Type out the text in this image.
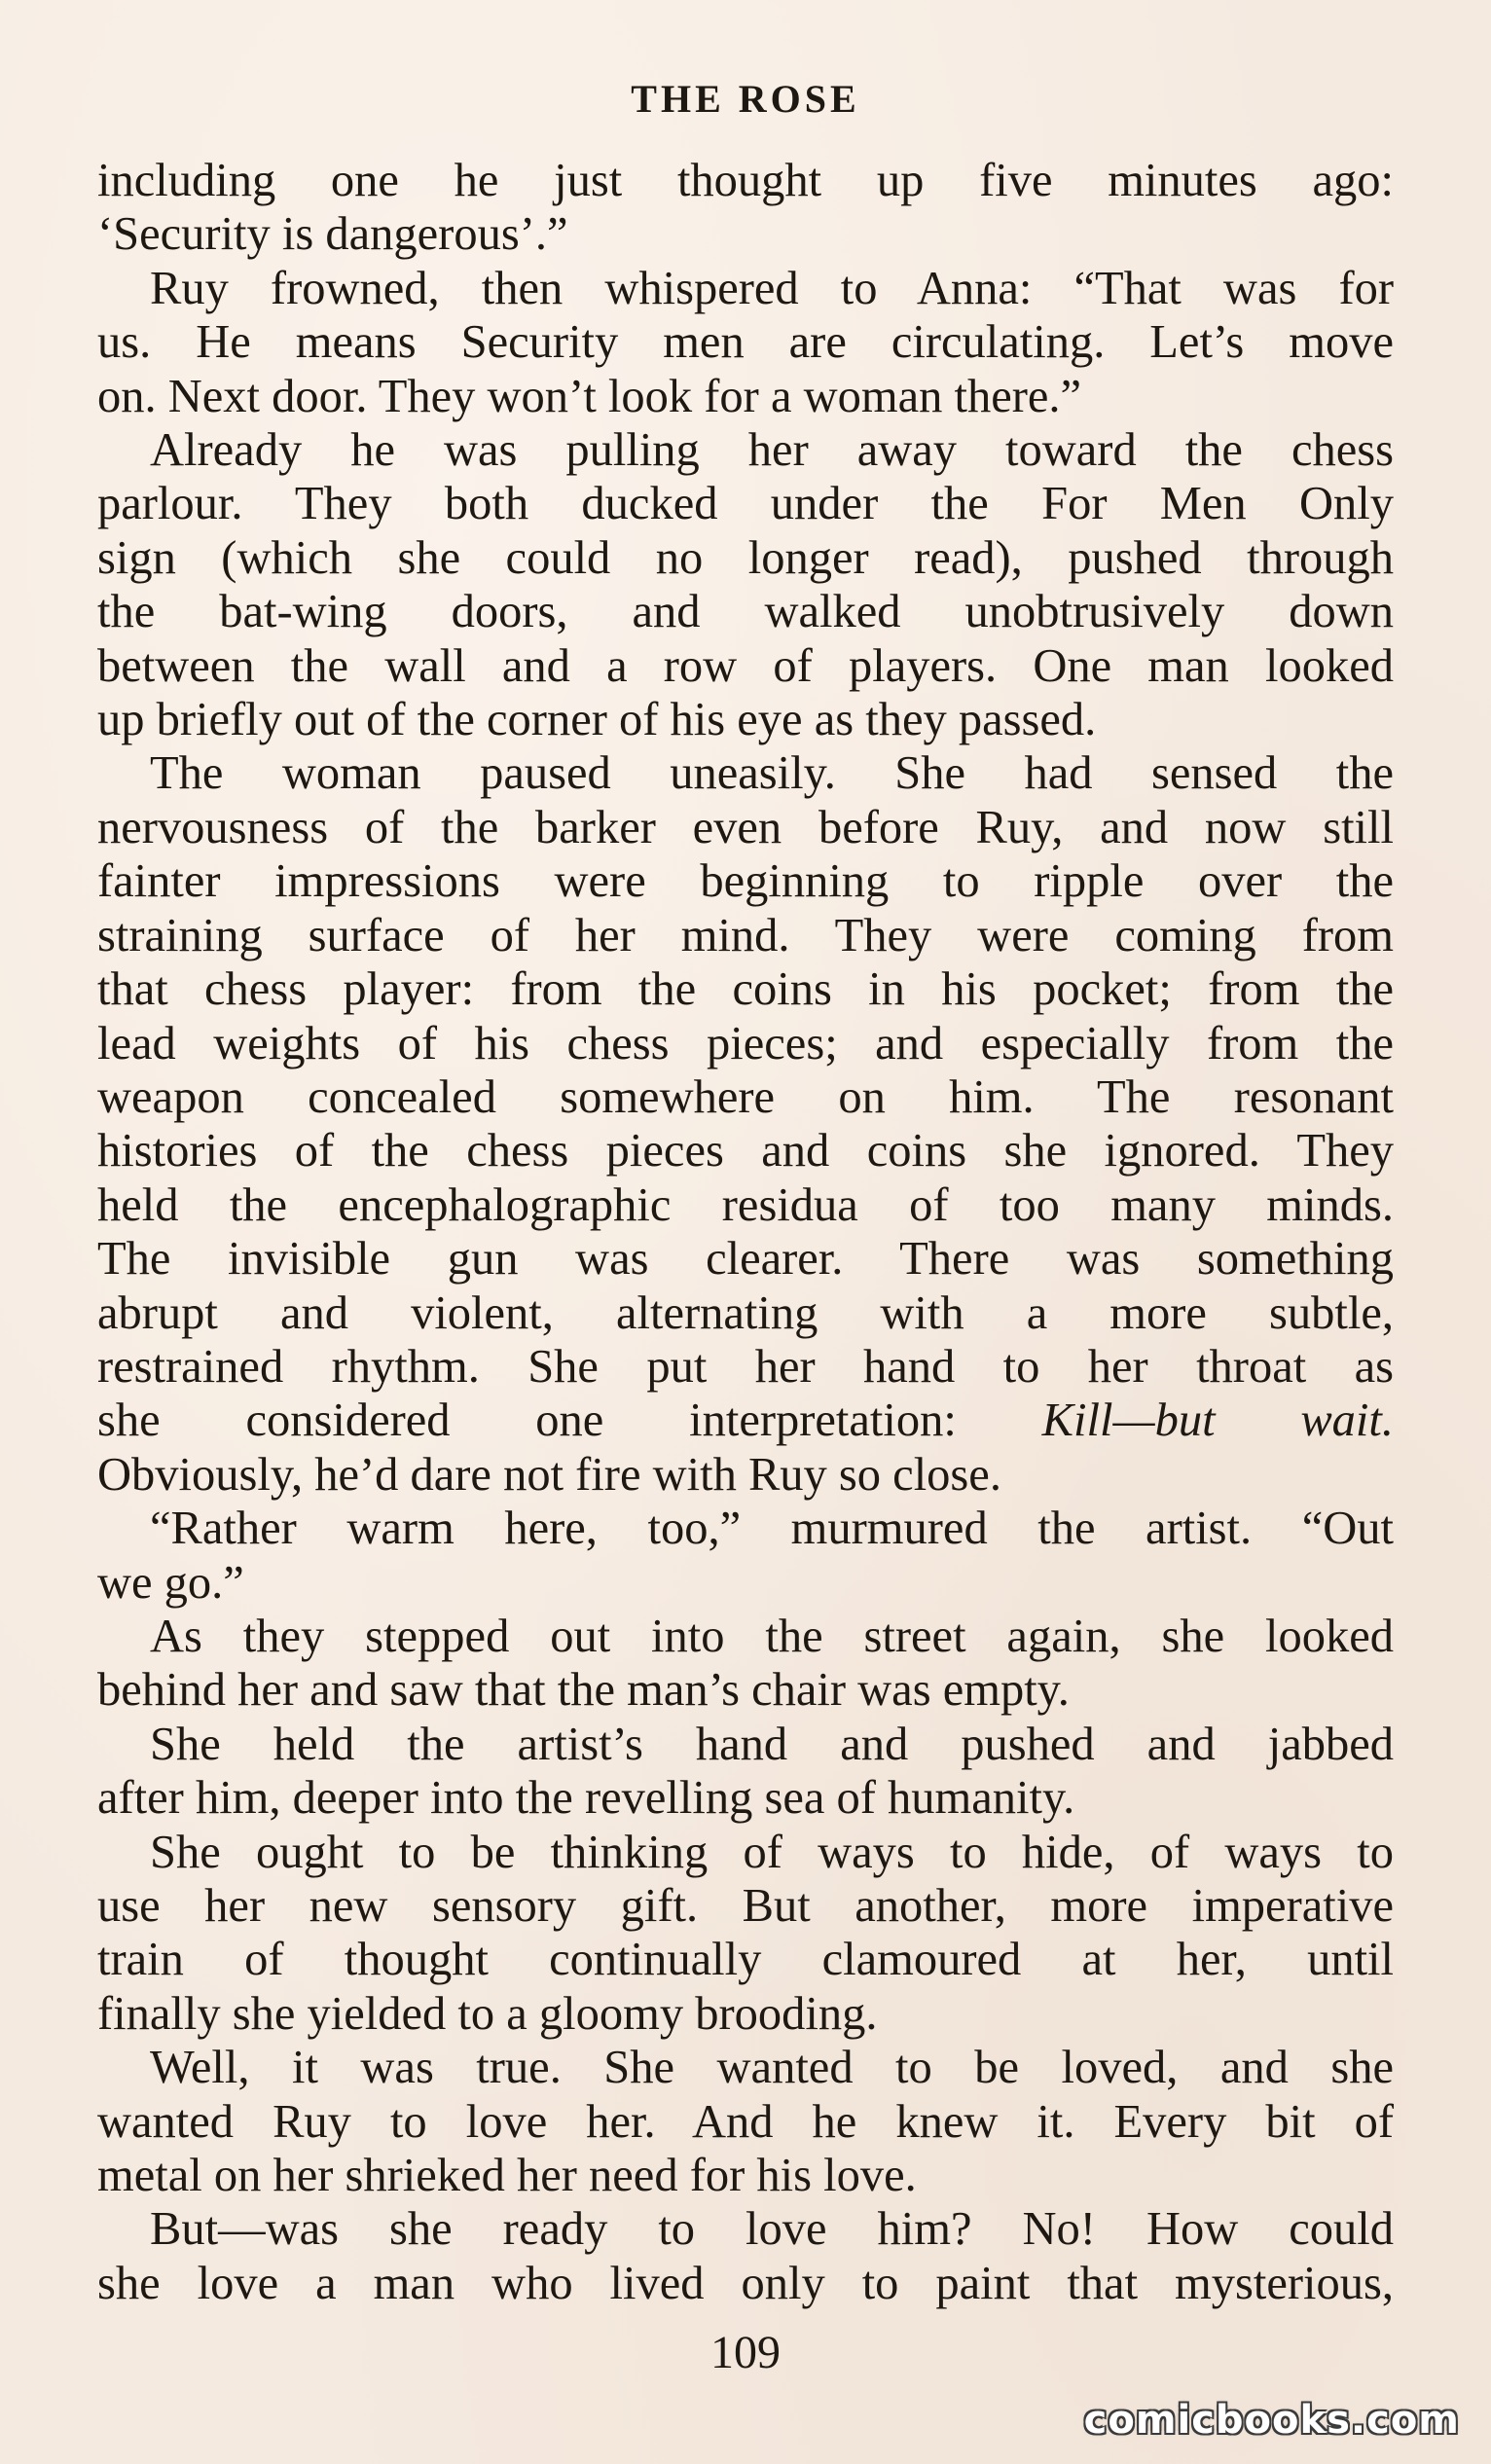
THE ROSE
including one he just thought up five minutes ago:
‘Security is dangerous’.”
Ruy frowned, then whispered to Anna: “That was for
us. He means Security men are circulating. Let’s move
on. Next door. They won’t look for a woman there.”
Already he was pulling her away toward the chess
parlour. They both ducked under the For Men Only
sign (which she could no longer read), pushed through
the bat-wing doors, and walked unobtrusively down
between the wall and a row of players. One man looked
up briefly out of the corner of his eye as they passed.
The woman paused uneasily. She had sensed the
nervousness of the barker even before Ruy, and now still
fainter impressions were beginning to ripple over the
straining surface of her mind. They were coming from
that chess player: from the coins in his pocket; from the
lead weights of his chess pieces; and especially from the
weapon concealed somewhere on him. The resonant
histories of the chess pieces and coins she ignored. They
held the encephalographic residua of too many minds.
The invisible gun was clearer. There was something
abrupt and violent, alternating with a more subtle,
restrained rhythm. She put her hand to her throat as
she considered one interpretation: Kill—but wait.
Obviously, he’d dare not fire with Ruy so close.
“Rather warm here, too,” murmured the artist. “Out
we go.”
As they stepped out into the street again, she looked
behind her and saw that the man’s chair was empty.
She held the artist’s hand and pushed and jabbed
after him, deeper into the revelling sea of humanity.
She ought to be thinking of ways to hide, of ways to
use her new sensory gift. But another, more imperative
train of thought continually clamoured at her, until
finally she yielded to a gloomy brooding.
Well, it was true. She wanted to be loved, and she
wanted Ruy to love her. And he knew it. Every bit of
metal on her shrieked her need for his love.
But—was she ready to love him? No! How could
she love a man who lived only to paint that mysterious,
109
comicbooks.com
